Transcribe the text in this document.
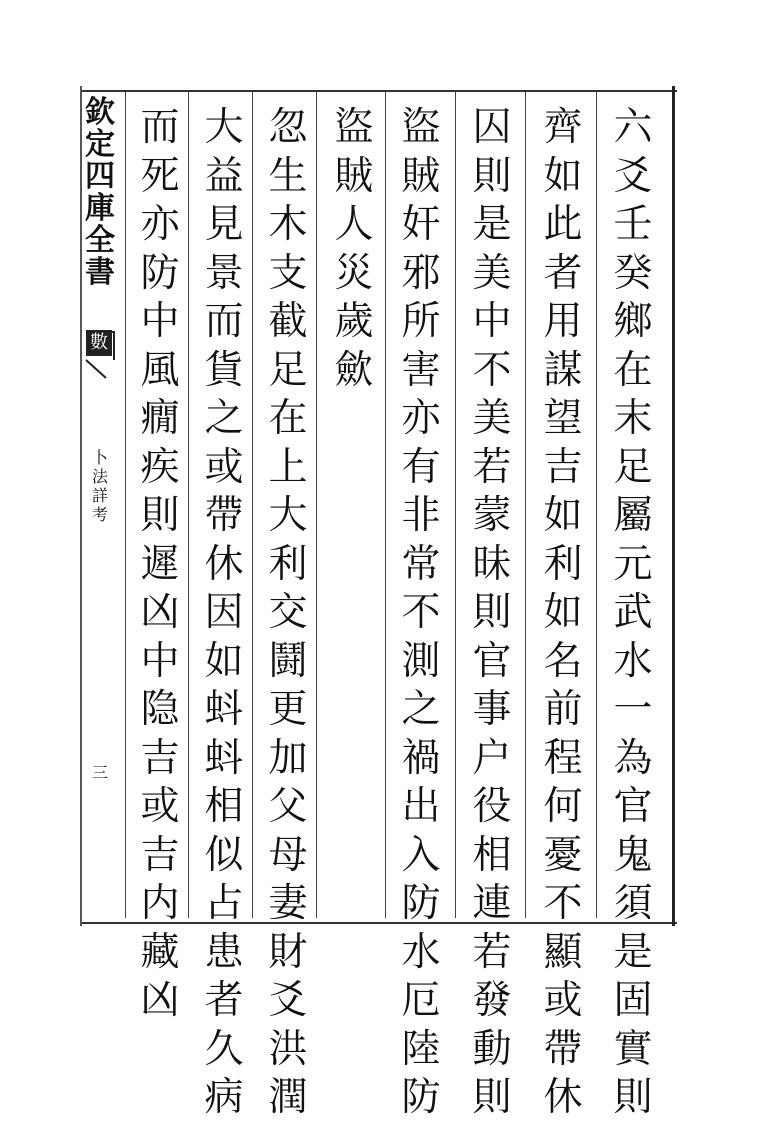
欽
定
四
庫
全
書
數
卜
法
詳
考
三
六
爻
壬
癸
鄉
在
末
足
屬
元
武
水
一
為
官
鬼
須
是
固
實
則
齊
如
此
者
用
謀
望
吉
如
利
如
名
前
程
何
憂
不
顯
或
帶
休
囚
則
是
美
中
不
美
若
蒙
昧
則
官
事
户
役
相
連
若
發
動
則
盜
賊
奸
邪
所
害
亦
有
非
常
不
測
之
禍
出
入
防
水
厄
陸
防
盜
賊
人
災
歲
歛
忽
生
木
支
截
足
在
上
大
利
交
鬪
更
加
父
母
妻
財
爻
洪
潤
大
益
見
景
而
貨
之
或
帶
休
因
如
蚪
蚪
相
似
占
患
者
久
病
而
死
亦
防
中
風
癇
疾
則
遲
凶
中
隐
吉
或
吉
内
藏
凶
